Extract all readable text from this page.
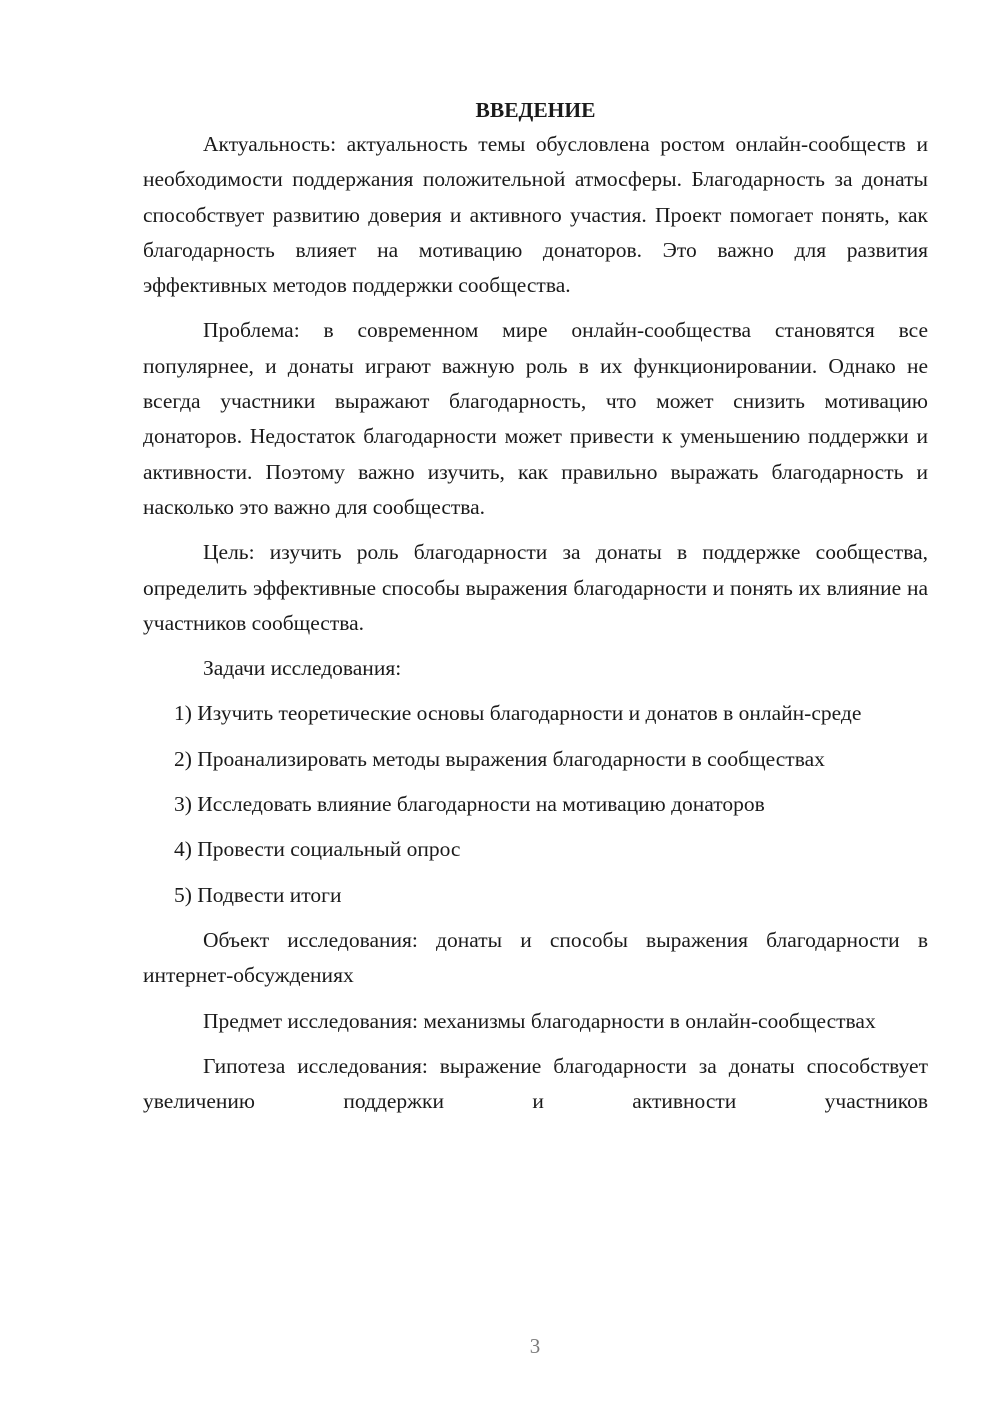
ВВЕДЕНИЕ

Актуальность: актуальность темы обусловлена ростом онлайн-сообществ и необходимости поддержания положительной атмосферы. Благодарность за донаты способствует развитию доверия и активного участия. Проект помогает понять, как благодарность влияет на мотивацию донаторов. Это важно для развития эффективных методов поддержки сообщества.

Проблема: в современном мире онлайн-сообщества становятся все популярнее, и донаты играют важную роль в их функционировании. Однако не всегда участники выражают благодарность, что может снизить мотивацию донаторов. Недостаток благодарности может привести к уменьшению поддержки и активности. Поэтому важно изучить, как правильно выражать благодарность и насколько это важно для сообщества.

Цель: изучить роль благодарности за донаты в поддержке сообщества, определить эффективные способы выражения благодарности и понять их влияние на участников сообщества.

Задачи исследования:

1) Изучить теоретические основы благодарности и донатов в онлайн-среде

2) Проанализировать методы выражения благодарности в сообществах

3) Исследовать влияние благодарности на мотивацию донаторов

4) Провести социальный опрос

5) Подвести итоги

Объект исследования: донаты и способы выражения благодарности в интернет-обсуждениях

Предмет исследования: механизмы благодарности в онлайн-сообществах

Гипотеза исследования: выражение благодарности за донаты способствует увеличению поддержки и активности участников

3
